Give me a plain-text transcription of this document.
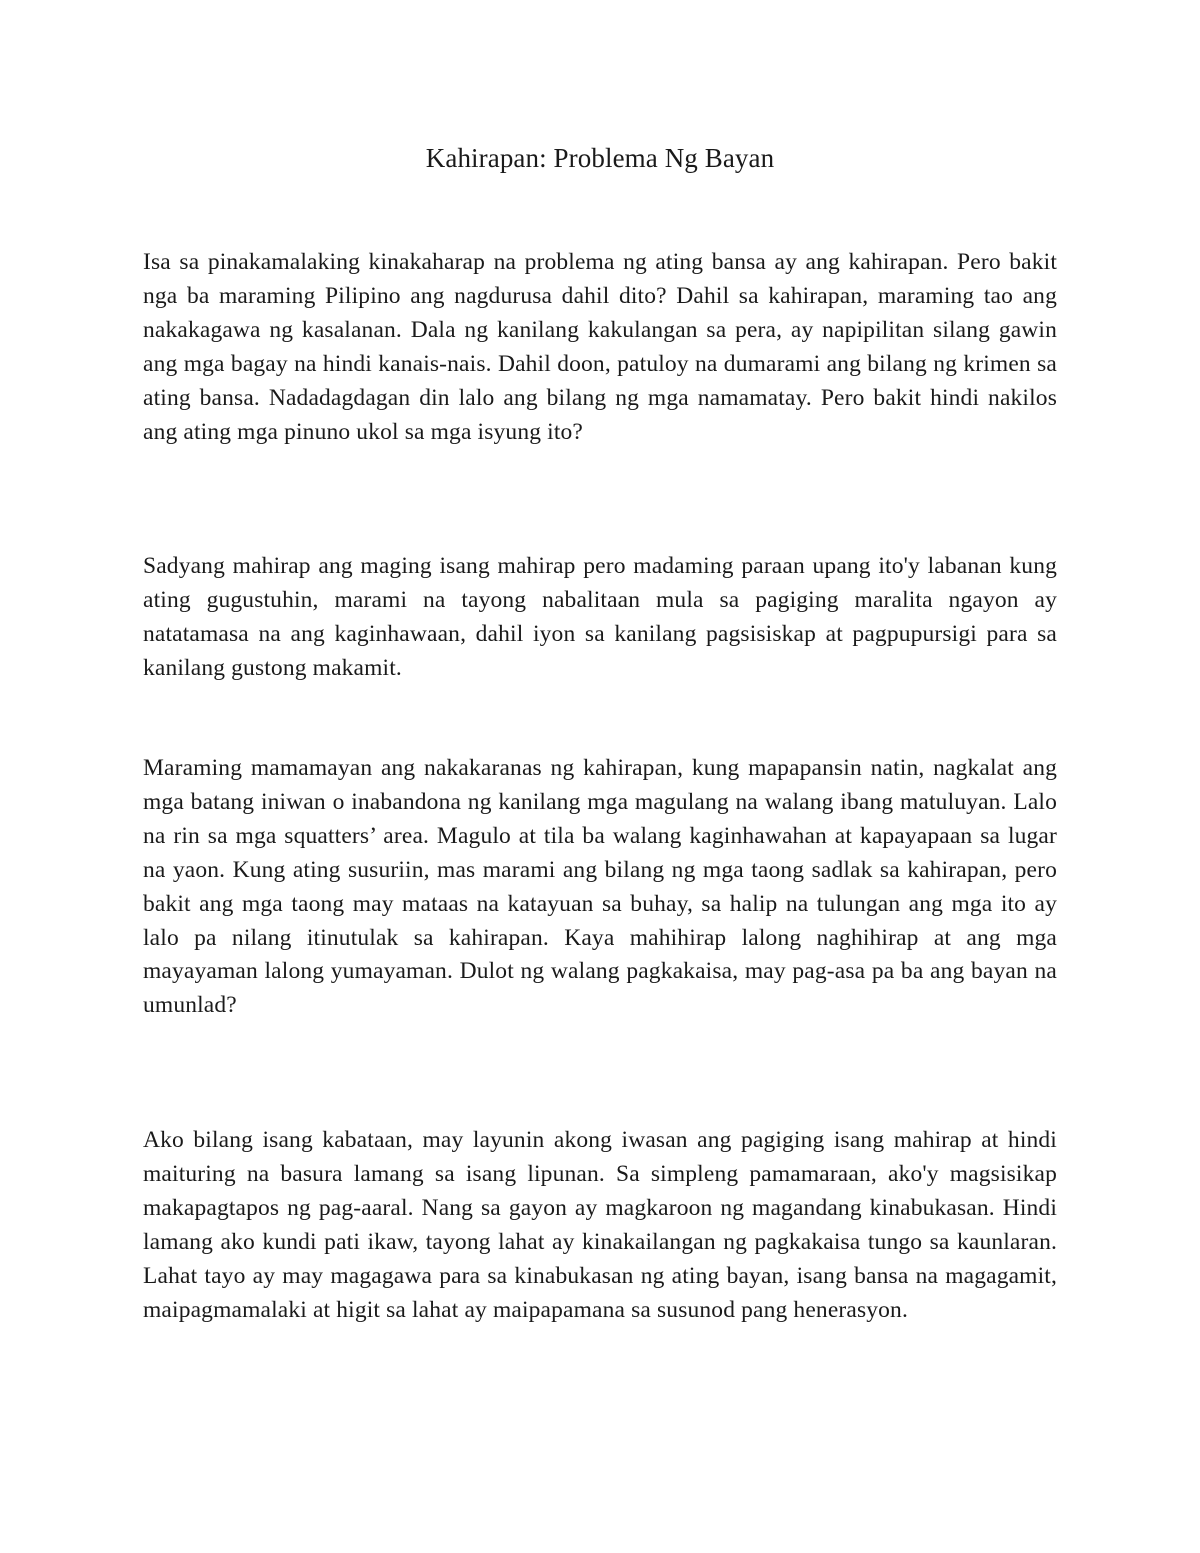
Kahirapan: Problema Ng Bayan

Isa sa pinakamalaking kinakaharap na problema ng ating bansa ay ang kahirapan. Pero bakit nga ba maraming Pilipino ang nagdurusa dahil dito? Dahil sa kahirapan, maraming tao ang nakakagawa ng kasalanan. Dala ng kanilang kakulangan sa pera, ay napipilitan silang gawin ang mga bagay na hindi kanais-nais. Dahil doon, patuloy na dumarami ang bilang ng krimen sa ating bansa. Nadadagdagan din lalo ang bilang ng mga namamatay. Pero bakit hindi nakilos ang ating mga pinuno ukol sa mga isyung ito?

Sadyang mahirap ang maging isang mahirap pero madaming paraan upang ito'y labanan kung ating gugustuhin, marami na tayong nabalitaan mula sa pagiging maralita ngayon ay natatamasa na ang kaginhawaan, dahil iyon sa kanilang pagsisiskap at pagpupursigi para sa kanilang gustong makamit.

Maraming mamamayan ang nakakaranas ng kahirapan, kung mapapansin natin, nagkalat ang mga batang iniwan o inabandona ng kanilang mga magulang na walang ibang matuluyan. Lalo na rin sa mga squatters’ area. Magulo at tila ba walang kaginhawahan at kapayapaan sa lugar na yaon. Kung ating susuriin, mas marami ang bilang ng mga taong sadlak sa kahirapan, pero bakit ang mga taong may mataas na katayuan sa buhay, sa halip na tulungan ang mga ito ay lalo pa nilang itinutulak sa kahirapan. Kaya mahihirap lalong naghihirap at ang mga mayayaman lalong yumayaman. Dulot ng walang pagkakaisa, may pag-asa pa ba ang bayan na umunlad?

Ako bilang isang kabataan, may layunin akong iwasan ang pagiging isang mahirap at hindi maituring na basura lamang sa isang lipunan. Sa simpleng pamamaraan, ako'y magsisikap makapagtapos ng pag-aaral. Nang sa gayon ay magkaroon ng magandang kinabukasan. Hindi lamang ako kundi pati ikaw, tayong lahat ay kinakailangan ng pagkakaisa tungo sa kaunlaran. Lahat tayo ay may magagawa para sa kinabukasan ng ating bayan, isang bansa na magagamit, maipagmamalaki at higit sa lahat ay maipapamana sa susunod pang henerasyon.
